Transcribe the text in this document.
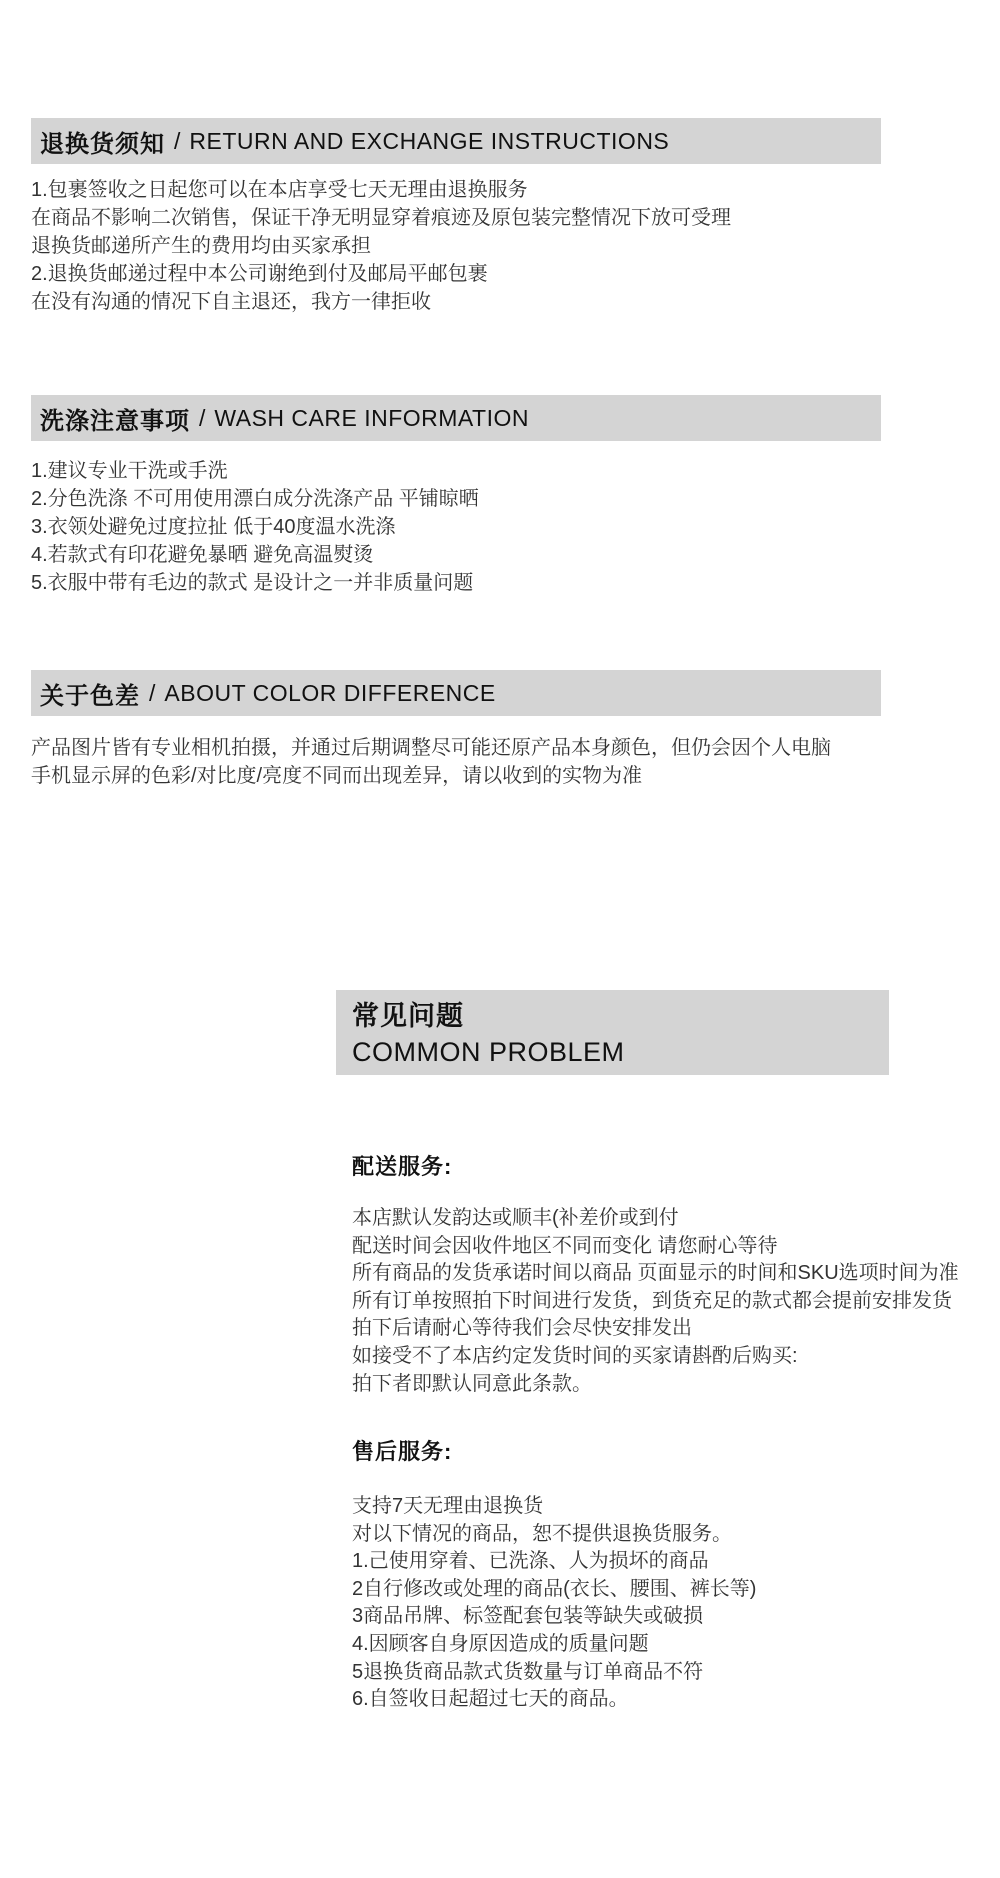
退换货须知 / RETURN AND EXCHANGE INSTRUCTIONS
1.包裹签收之日起您可以在本店享受七天无理由退换服务
在商品不影响二次销售，保证干净无明显穿着痕迹及原包装完整情况下放可受理
退换货邮递所产生的费用均由买家承担
2.退换货邮递过程中本公司谢绝到付及邮局平邮包裹
在没有沟通的情况下自主退还，我方一律拒收
洗涤注意事项 / WASH CARE INFORMATION
1.建议专业干洗或手洗
2.分色洗涤 不可用使用漂白成分洗涤产品 平铺晾晒
3.衣领处避免过度拉扯 低于40度温水洗涤
4.若款式有印花避免暴晒 避免高温熨烫
5.衣服中带有毛边的款式 是设计之一并非质量问题
关于色差 / ABOUT COLOR DIFFERENCE
产品图片皆有专业相机拍摄，并通过后期调整尽可能还原产品本身颜色，但仍会因个人电脑
手机显示屏的色彩/对比度/亮度不同而出现差异，请以收到的实物为准
常见问题
COMMON PROBLEM
配送服务:
本店默认发韵达或顺丰(补差价或到付
配送时间会因收件地区不同而变化 请您耐心等待
所有商品的发货承诺时间以商品 页面显示的时间和SKU选项时间为准
所有订单按照拍下时间进行发货，到货充足的款式都会提前安排发货
拍下后请耐心等待我们会尽快安排发出
如接受不了本店约定发货时间的买家请斟酌后购买:
拍下者即默认同意此条款。
售后服务:
支持7天无理由退换货
对以下情况的商品，恕不提供退换货服务。
1.己使用穿着、已洗涤、人为损坏的商品
2自行修改或处理的商品(衣长、腰围、裤长等)
3商品吊牌、标签配套包装等缺失或破损
4.因顾客自身原因造成的质量问题
5退换货商品款式货数量与订单商品不符
6.自签收日起超过七天的商品。
